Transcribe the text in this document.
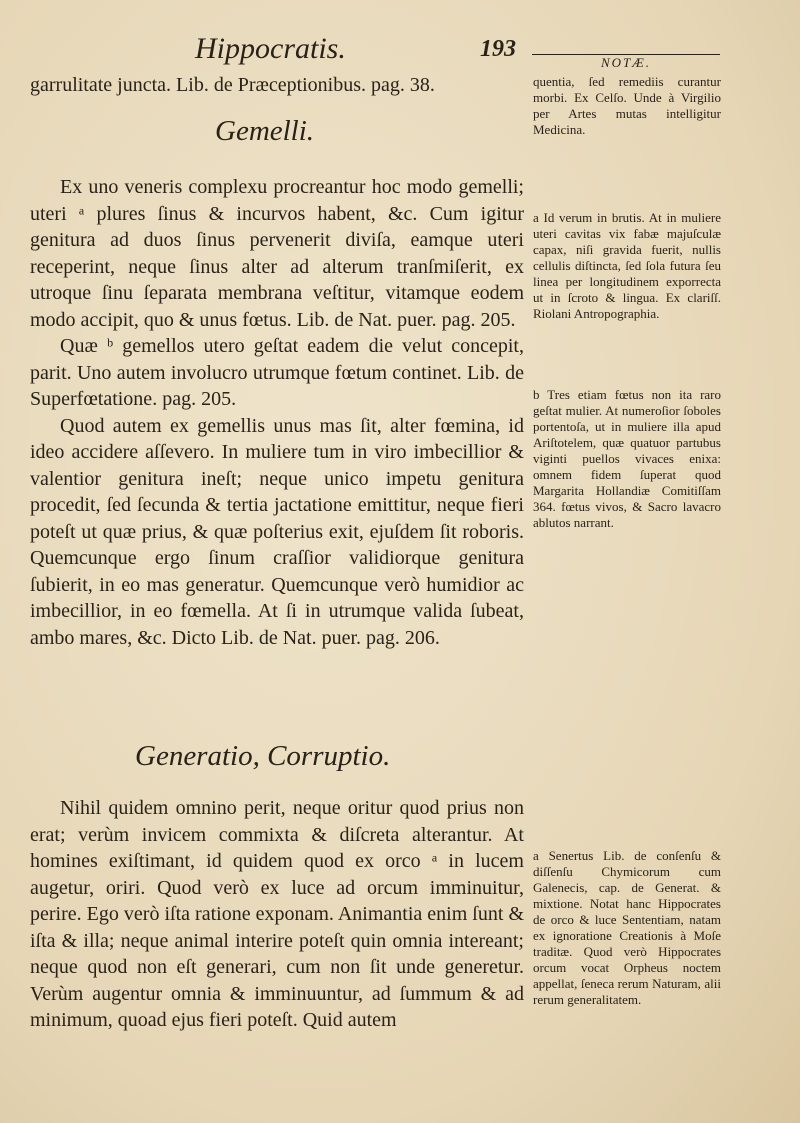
Hippocratis.	193
NOTÆ.

garrulitate juncta. Lib. de Præceptionibus. pag. 38.

Gemelli.

Ex uno veneris complexu procreantur hoc modo gemelli; uteri ᵃ plures ſinus & incurvos habent, &c. Cum igitur genitura ad duos ſinus pervenerit diviſa, eamque uteri receperint, neque ſinus alter ad alterum tranſmiſerit, ex utroque ſinu ſeparata membrana veſtitur, vitamque eodem modo accipit, quo & unus fœtus. Lib. de Nat. puer. pag. 205.

Quæ ᵇ gemellos utero geſtat eadem die velut concepit, parit. Uno autem involucro utrumque fœtum continet. Lib. de Superfœtatione. pag. 205.

Quod autem ex gemellis unus mas ſit, alter fœmina, id ideo accidere aſſevero. In muliere tum in viro imbecillior & valentior genitura ineſt; neque unico impetu genitura procedit, ſed ſecunda & tertia jactatione emittitur, neque fieri poteſt ut quæ prius, & quæ poſterius exit, ejuſdem ſit roboris. Quemcunque ergo ſinum craſſior validiorque genitura ſubierit, in eo mas generatur. Quemcunque verò humidior ac imbecillior, in eo fœmella. At ſi in utrumque valida ſubeat, ambo mares, &c. Dicto Lib. de Nat. puer. pag. 206.

Generatio, Corruptio.

Nihil quidem omnino perit, neque oritur quod prius non erat; verùm invicem commixta & diſcreta alterantur. At homines exiſtimant, id quidem quod ex orco ᵃ in lucem augetur, oriri. Quod verò ex luce ad orcum imminuitur, perire. Ego verò iſta ratione exponam. Animantia enim ſunt & iſta & illa; neque animal interire poteſt quin omnia intereant; neque quod non eſt generari, cum non ſit unde generetur. Verùm augentur omnia & imminuuntur, ad ſummum & ad minimum, quoad ejus fieri poteſt. Quid autem

quentia, ſed remediis curantur morbi. Ex Celſo. Unde à Virgilio per Artes mutas intelligitur Medicina.

a Id verum in brutis. At in muliere uteri cavitas vix fabæ majuſculæ capax, niſi gravida fuerit, nullis cellulis diſtincta, ſed ſola futura ſeu linea per longitudinem exporrecta ut in ſcroto & lingua. Ex clariſſ. Riolani Antropographia.

b Tres etiam fœtus non ita raro geſtat mulier. At numeroſior ſoboles portentoſa, ut in muliere illa apud Ariſtotelem, quæ quatuor partubus viginti puellos vivaces enixa: omnem fidem ſuperat quod Margarita Hollandiæ Comitiſſam 364. fœtus vivos, & Sacro lavacro ablutos narrant.

a Senertus Lib. de conſenſu & diſſenſu Chymicorum cum Galenecis, cap. de Generat. & mixtione. Notat hanc Hippocrates de orco & luce Sententiam, natam ex ignoratione Creationis à Moſe traditæ. Quod verò Hippocrates orcum vocat Orpheus noctem appellat, ſeneca rerum Naturam, alii rerum generalitatem.
